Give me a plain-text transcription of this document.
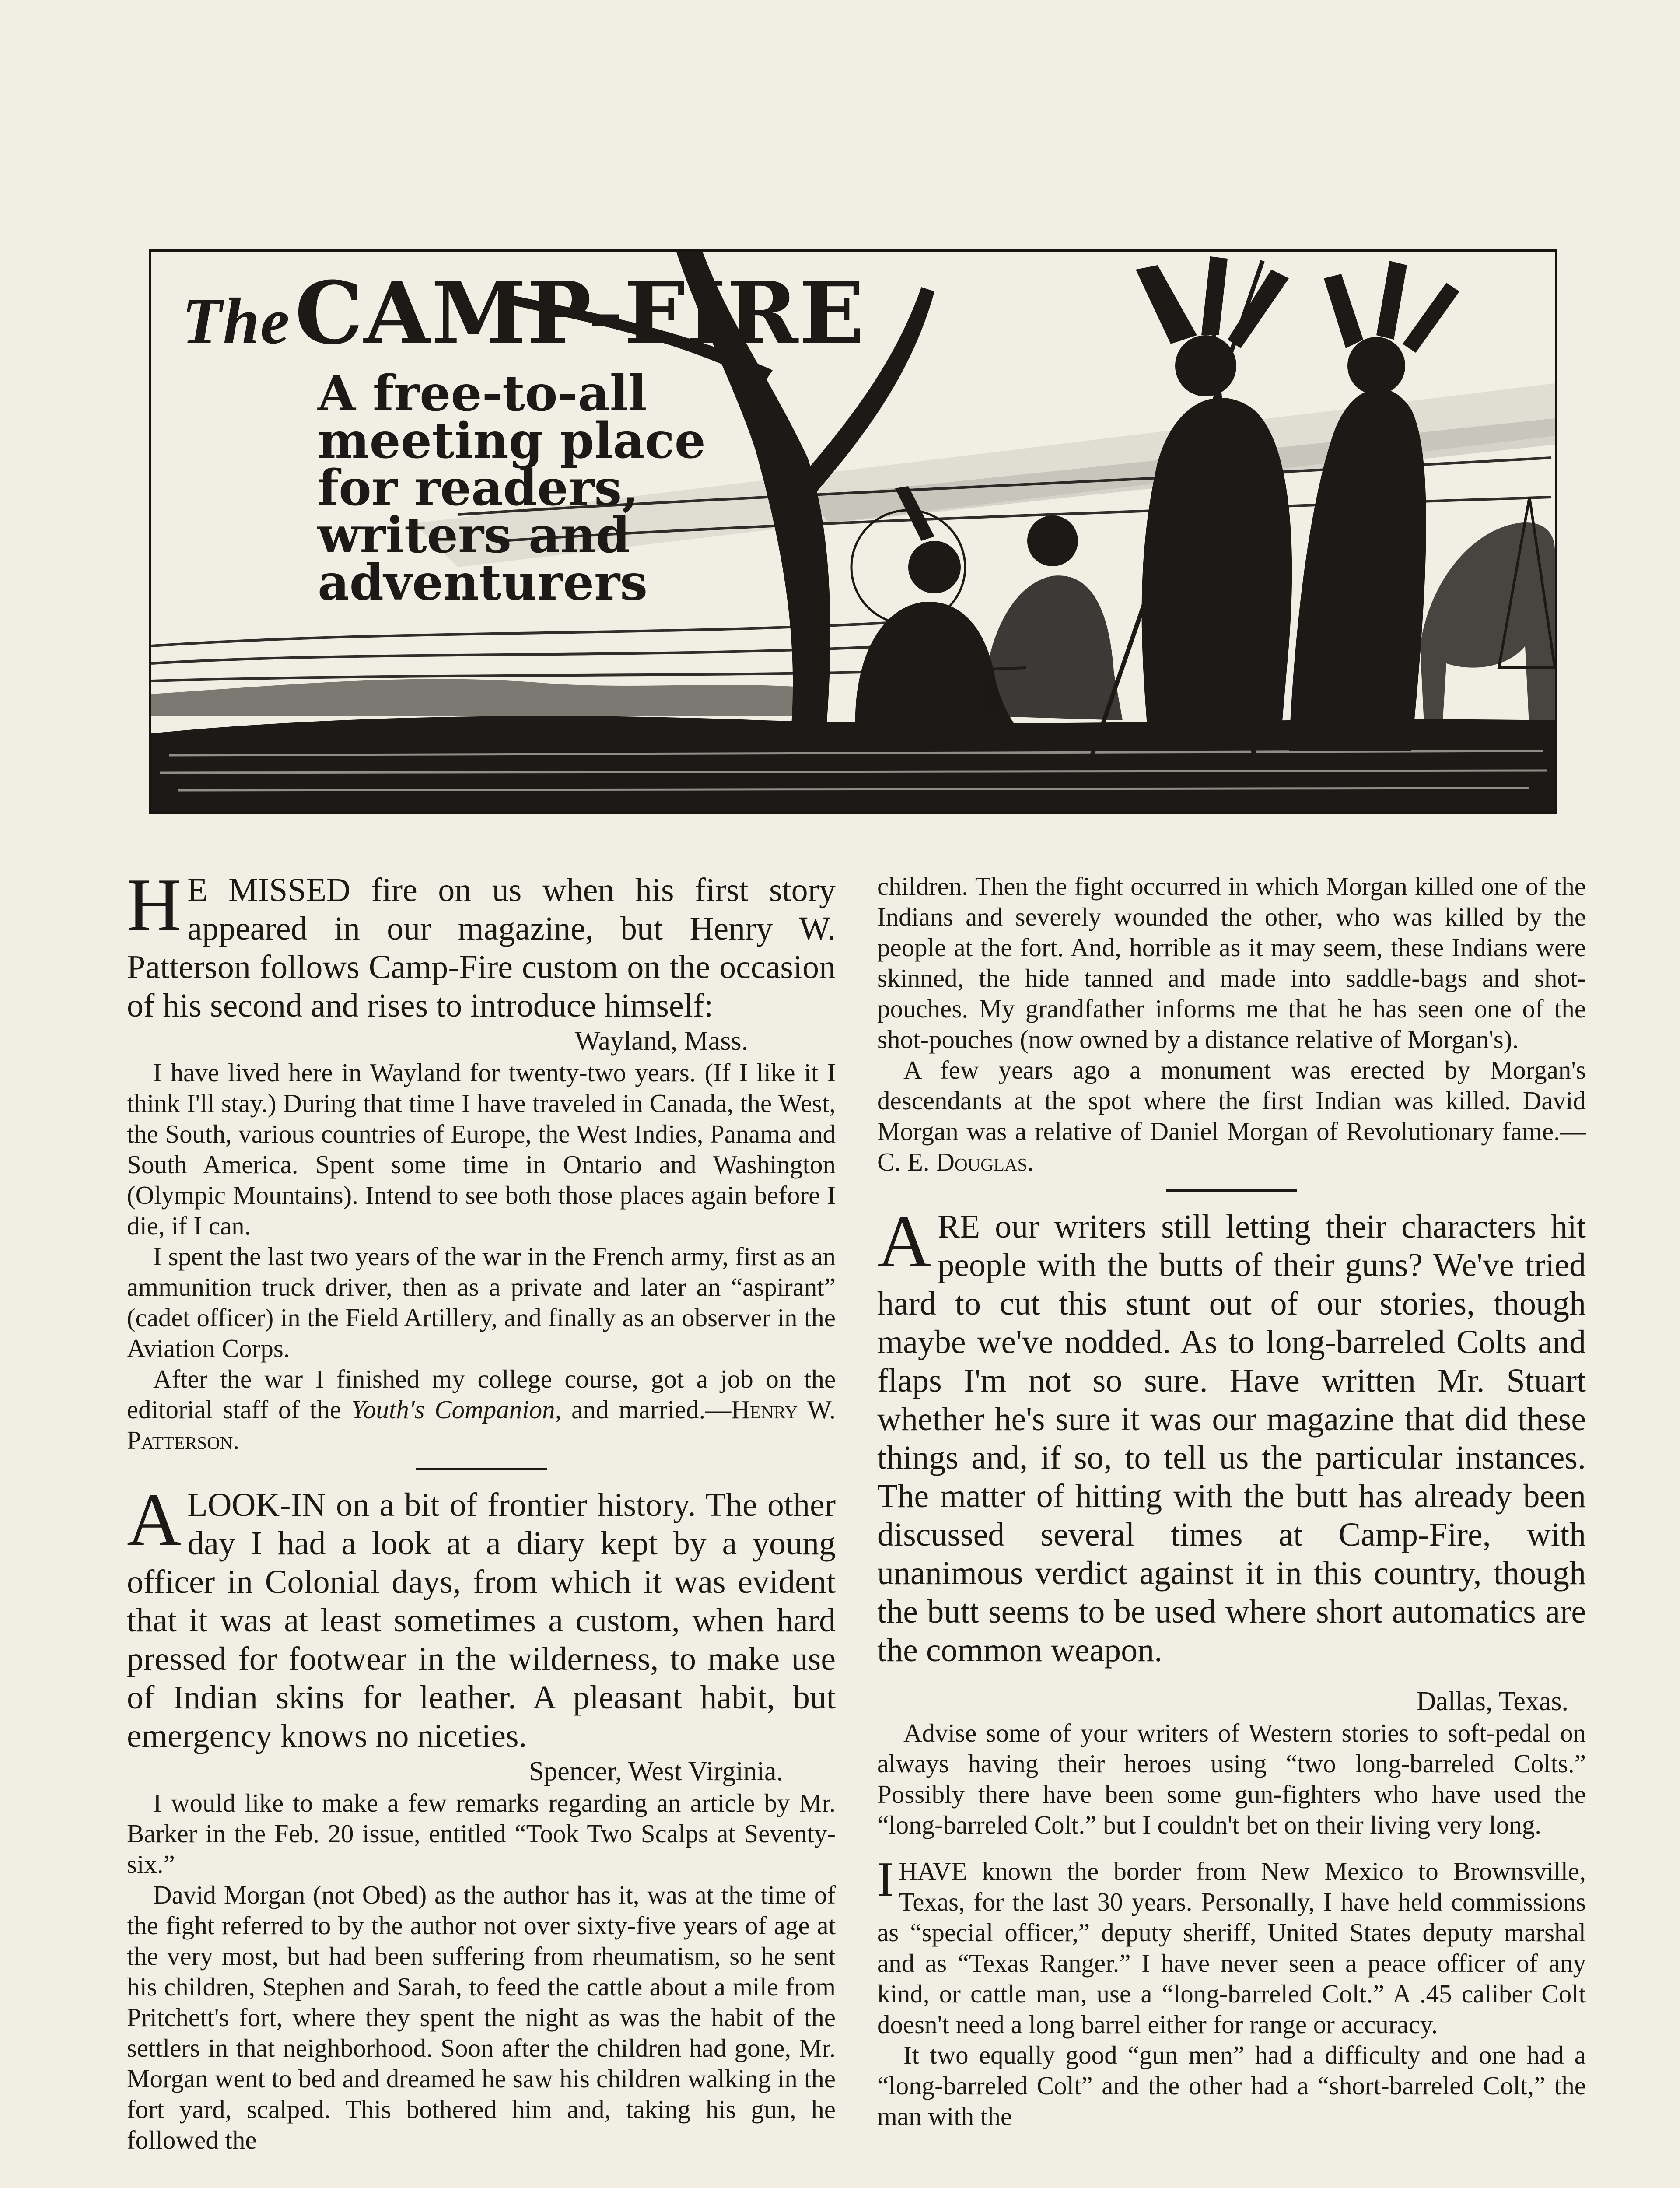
TheCAMP-FIRE
A free-to-all
meeting place
for readers,
writers and
adventurers

H E MISSED fire on us when his first story appeared in our magazine, but Henry W. Patterson follows Camp-Fire custom on the occasion of his second and rises to introduce himself:

Wayland, Mass.

I have lived here in Wayland for twenty-two years. (If I like it I think I'll stay.) During that time I have traveled in Canada, the West, the South, various countries of Europe, the West Indies, Panama and South America. Spent some time in Ontario and Washington (Olympic Mountains). Intend to see both those places again before I die, if I can.

I spent the last two years of the war in the French army, first as an ammunition truck driver, then as a private and later an “aspirant” (cadet officer) in the Field Artillery, and finally as an observer in the Aviation Corps.

After the war I finished my college course, got a job on the editorial staff of the Youth's Companion, and married.—Henry W. Patterson.

ALOOK-IN on a bit of frontier history. The other day I had a look at a diary kept by a young officer in Colonial days, from which it was evident that it was at least sometimes a custom, when hard pressed for footwear in the wilderness, to make use of Indian skins for leather. A pleasant habit, but emergency knows no niceties.

Spencer, West Virginia.

I would like to make a few remarks regarding an article by Mr. Barker in the Feb. 20 issue, entitled “Took Two Scalps at Seventy-six.”

David Morgan (not Obed) as the author has it, was at the time of the fight referred to by the author not over sixty-five years of age at the very most, but had been suffering from rheumatism, so he sent his children, Stephen and Sarah, to feed the cattle about a mile from Pritchett's fort, where they spent the night as was the habit of the settlers in that neighborhood. Soon after the children had gone, Mr. Morgan went to bed and dreamed he saw his children walking in the fort yard, scalped. This bothered him and, taking his gun, he followed the

children. Then the fight occurred in which Morgan killed one of the Indians and severely wounded the other, who was killed by the people at the fort. And, horrible as it may seem, these Indians were skinned, the hide tanned and made into saddle-bags and shot-pouches. My grandfather informs me that he has seen one of the shot-pouches (now owned by a distance relative of Morgan's).

A few years ago a monument was erected by Morgan's descendants at the spot where the first Indian was killed. David Morgan was a relative of Daniel Morgan of Revolutionary fame.—C. E. Douglas.

ARE our writers still letting their characters hit people with the butts of their guns? We've tried hard to cut this stunt out of our stories, though maybe we've nodded. As to long-barreled Colts and flaps I'm not so sure. Have written Mr. Stuart whether he's sure it was our magazine that did these things and, if so, to tell us the particular instances. The matter of hitting with the butt has already been discussed several times at Camp-Fire, with unanimous verdict against it in this country, though the butt seems to be used where short automatics are the common weapon.

Dallas, Texas.

Advise some of your writers of Western stories to soft-pedal on always having their heroes using “two long-barreled Colts.” Possibly there have been some gun-fighters who have used the “long-barreled Colt.” but I couldn't bet on their living very long.

IHAVE known the border from New Mexico to Brownsville, Texas, for the last 30 years. Personally, I have held commissions as “special officer,” deputy sheriff, United States deputy marshal and as “Texas Ranger.” I have never seen a peace officer of any kind, or cattle man, use a “long-barreled Colt.” A .45 caliber Colt doesn't need a long barrel either for range or accuracy.

It two equally good “gun men” had a difficulty and one had a “long-barreled Colt” and the other had a “short-barreled Colt,” the man with the
